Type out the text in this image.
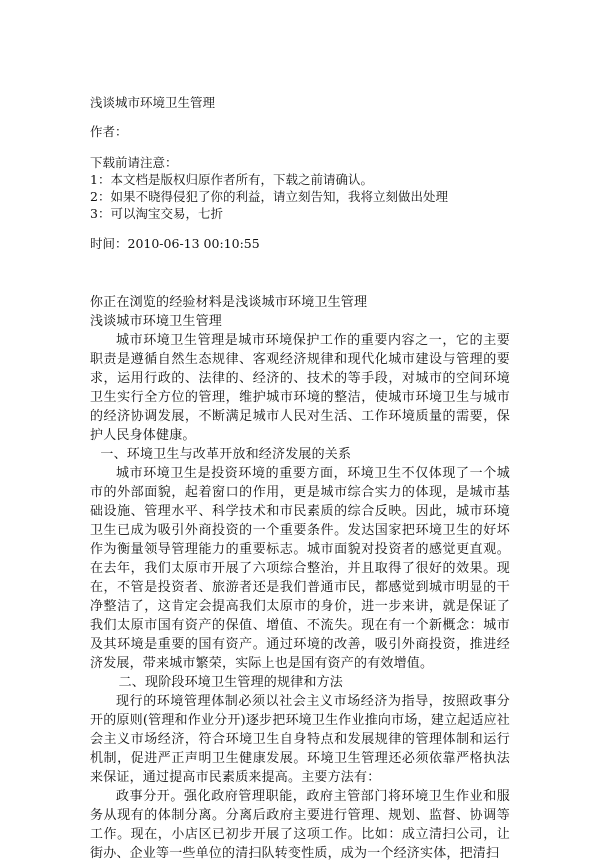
浅谈城市环境卫生管理
作者：
下载前请注意：
1：本文档是版权归原作者所有，下载之前请确认。
2：如果不晓得侵犯了你的利益，请立刻告知，我将立刻做出处理
3：可以淘宝交易，七折
时间：2010-06-13 00:10:55

你正在浏览的经验材料是浅谈城市环境卫生管理

浅谈城市环境卫生管理

城市环境卫生管理是城市环境保护工作的重要内容之一，它的主要职责是遵循自然生态规律、客观经济规律和现代化城市建设与管理的要求，运用行政的、法律的、经济的、技术的等手段，对城市的空间环境卫生实行全方位的管理，维护城市环境的整洁，使城市环境卫生与城市的经济协调发展，不断满足城市人民对生活、工作环境质量的需要，保护人民身体健康。

一、环境卫生与改革开放和经济发展的关系

城市环境卫生是投资环境的重要方面，环境卫生不仅体现了一个城市的外部面貌，起着窗口的作用，更是城市综合实力的体现，是城市基础设施、管理水平、科学技术和市民素质的综合反映。因此，城市环境卫生已成为吸引外商投资的一个重要条件。发达国家把环境卫生的好坏作为衡量领导管理能力的重要标志。城市面貌对投资者的感觉更直观。在去年，我们太原市开展了六项综合整治，并且取得了很好的效果。现在，不管是投资者、旅游者还是我们普通市民，都感觉到城市明显的干净整洁了，这肯定会提高我们太原市的身价，进一步来讲，就是保证了我们太原市国有资产的保值、增值、不流失。现在有一个新概念：城市及其环境是重要的国有资产。通过环境的改善，吸引外商投资，推进经济发展，带来城市繁荣，实际上也是国有资产的有效增值。

二、现阶段环境卫生管理的规律和方法

现行的环境管理体制必须以社会主义市场经济为指导，按照政事分开的原则(管理和作业分开)逐步把环境卫生作业推向市场，建立起适应社会主义市场经济，符合环境卫生自身特点和发展规律的管理体制和运行机制，促进严正声明卫生健康发展。环境卫生管理还必须依靠严格执法来保证，通过提高市民素质来提高。主要方法有：

政事分开。强化政府管理职能，政府主管部门将环境卫生作业和服务从现有的体制分离。分离后政府主要进行管理、规划、监督、协调等工作。现在，小店区已初步开展了这项工作。比如：成立清扫公司，让街办、企业等一些单位的清扫队转变性质，成为一个经济实体，把清扫
